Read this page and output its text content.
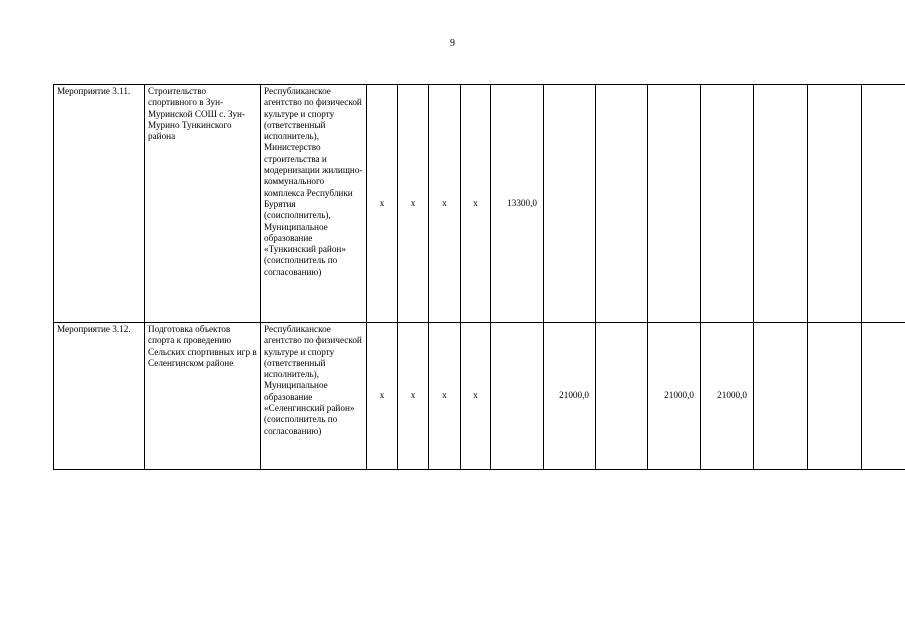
9
Мероприятие 3.11.	Строительство спортивного в Зун-Муринской СОШ с. Зун-Мурино Тункинского района	Республиканское агентство по физической культуре и спорту (ответственный исполнитель), Министерство строительства и модернизации жилищно-коммунального комплекса Республики Бурятия (соисполнитель), Муниципальное образование «Тункинский район» (соисполнитель по согласованию)	x	x	x	x	13300,0							
Мероприятие 3.12.	Подготовка объектов спорта к проведению Сельских спортивных игр в Селенгинском районе	Республиканское агентство по физической культуре и спорту (ответственный исполнитель), Муниципальное образование «Селенгинский район» (соисполнитель по согласованию)	x	x	x	x		21000,0		21000,0	21000,0			
